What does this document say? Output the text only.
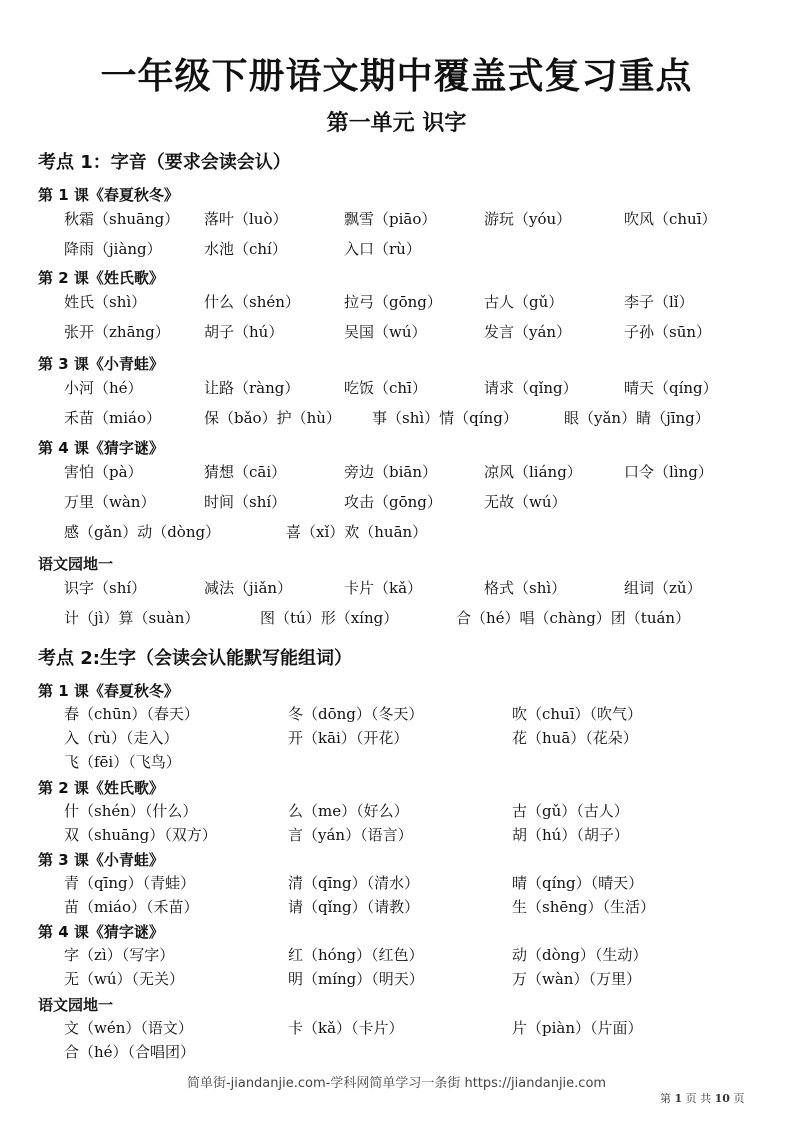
一年级下册语文期中覆盖式复习重点
第一单元 识字
考点 1：字音（要求会读会认）
第 1 课《春夏秋冬》
秋霜（shuāng） 落叶（luò）	飘雪（piāo）	游玩（yóu）	吹风（chuī）
降雨（jiàng）	水池（chí）	入口（rù）
第 2 课《姓氏歌》
姓氏（shì）	什么（shén）	拉弓（gōng）	古人（gǔ）	李子（lǐ）
张开（zhāng） 胡子（hú）	吴国（wú）	发言（yán）	子孙（sūn）
第 3 课《小青蛙》
小河（hé）	让路（ràng）	吃饭（chī）	请求（qǐng）	晴天（qíng）
禾苗（miáo）	保（bǎo）护（hù） 事（shì）情（qíng）	眼（yǎn）睛（jīng）
第 4 课《猜字谜》
害怕（pà）	猜想（cāi）	旁边（biān）	凉风（liáng）	口令（lìng）
万里（wàn）	时间（shí）	攻击（gōng）	无故（wú）
感（gǎn）动（dòng）	喜（xǐ）欢（huān）
语文园地一
识字（shí）	减法（jiǎn）	卡片（kǎ）	格式（shì）	组词（zǔ）
计（jì）算（suàn）	图（tú）形（xíng）	合（hé）唱（chàng）团（tuán）
考点 2:生字（会读会认能默写能组词）
第 1 课《春夏秋冬》
春（chūn）（春天）	冬（dōng）（冬天）	吹（chuī）（吹气）
入（rù）（走入）	开（kāi）（开花）	花（huā）（花朵）
飞（fēi）（飞鸟）
第 2 课《姓氏歌》
什（shén）（什么）	么（me）（好么）	古（gǔ）（古人）
双（shuāng）（双方）	言（yán）（语言）	胡（hú）（胡子）
第 3 课《小青蛙》
青（qīng）（青蛙）	清（qīng）（清水）	晴（qíng）（晴天）
苗（miáo）（禾苗）	请（qǐng）（请教）	生（shēng）（生活）
第 4 课《猜字谜》
字（zì）（写字）	红（hóng）（红色）	动（dòng）（生动）
无（wú）（无关）	明（míng）（明天）	万（wàn）（万里）
语文园地一
文（wén）（语文）	卡（kǎ）（卡片）	片（piàn）（片面）
合（hé）（合唱团）
简单街-jiandanjie.com-学科网简单学习一条街 https://jiandanjie.com
第 1 页 共 10 页
